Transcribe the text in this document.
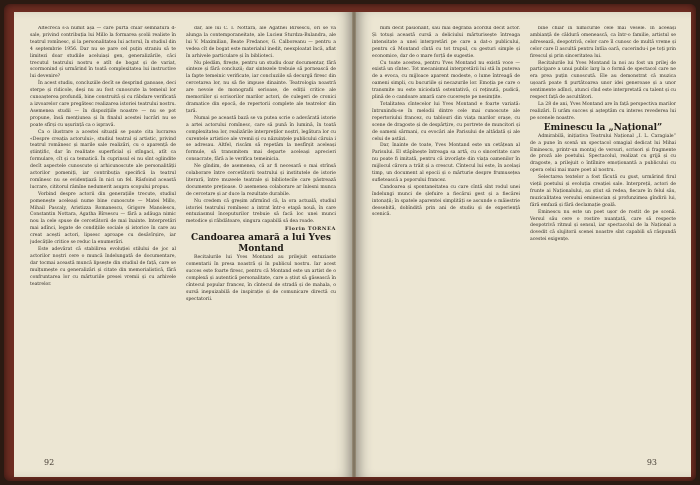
Altecreca s-a numit așa — care purtă chiar semnătura d-sale, privind contribuția lui Millo la formarea școlii realiste în teatrul romînesc, și la personalitatea lui actorul, în studiul din 4 septembrie 1956. Dar nu se pare cel puțin straniu să te limitezi doar studiile aceluiași gen, generalizările, căci trecutul teatrului nostru e atît de bogat și de variat, scormonind și urmărind în toată complexitatea lui instructive lui devenire?

În acest studiu, concluziile decît se desprind ganoase, deci sterpe și ridicole, deși nu au fost cunoscute la temeiul lor cunoașterea profundă, bine construită și cu răbdare verificată a izvoarelor care pregătesc realizarea istoriei teatrului nostru. Asemenea studii — în dispozițiile noastre — nu se pot propune, însă mențiunea și în finalul acestei lucrări nu se poate sfîrși cu ușurință ca o ispravă.

Ca o ilustrare a acestei situații se poate cita lucrarea «Despre creația actorului», studiul teatral și artistic, privind teatrul românesc și marile sale realizări, cu o aparență de științific, dar în realitate superficial și stîngaci, atît ca formulare, cît și ca tematică. În cuprinsul ei nu sînt oglindite decît aspectele cunoscute și arhicunoscute ale personalității actorilor pomeniți, iar contribuția specifică la teatrul romînesc nu se evidențiază în nici un fel. Răsfoind această lucrare, cititorul rămîne nedumerit asupra scopului propus.

Vorbind despre actorii din generațiile trecute, studiul pomenește aceleași nume bine cunoscute — Matei Millo, Mihail Pascaly, Aristizza Romanescu, Grigore Manolescu, Constantin Nottara, Agatha Bîrsescu — fără a adăuga nimic nou la cele spuse de cercetătorii de mai înainte. Interpretări mai adînci, legate de condițiile sociale și istorice în care au creat acești actori, lipsesc aproape cu desăvîrșire, iar judecățile critice se reduc la enumerări.

Este adevărat că stabilirea evoluției stilului de joc al actorilor noștri cere o muncă îndelungată de documentare, dar tocmai această muncă lipsește din studiul de față, care se mulțumește cu generalizări și citate din memorialistică, fără confruntarea lor cu mărturiile presei vremii și cu arhivele teatrelor.

dar, ale lui C. I. Nottara, ale Agathei Bîrsescu, ori se va alunga la contemporaneitate, ale Lucieи Sturdza-Bulandra, ale lui V. Maximilian, Beate Fredanov, G. Calboreanu — pentru a vedea cît de bogat este materialul inedit, neexploatat încă, aflat în arhivele particulare și în biblioteci.

Nu pledăm, firește, pentru un studiu doar documentar, fără sinteze și fără concluzii; dar sintezele trebuie să pornească de la fapte temeinic verificate, iar concluziile să decurgă firesc din cercetarea lor, nu să fie impuse dinainte. Teatrologia noastră are nevoie de monografii serioase, de ediții critice ale memoriilor și scrisorilor marilor actori, de culegeri de cronici dramatice din epocă, de repertorii complete ale teatrelor din țară.

Numai pe această bază se va putea scrie o adevărată istorie a artei actorului romînesc, care să pună în lumină, în toată complexitatea lor, realizările interpreților noștri, legătura lor cu curentele artistice ale vremii și cu năzuințele publicului căruia i se adresau. Altfel, riscăm să repetăm la nesfîrșit aceleași formule, să transmitem mai departe aceleași aprecieri consacrate, fără a le verifica temeinicia.

Ne gîndim, de asemenea, că ar fi necesară o mai strînsă colaborare între cercetătorii teatrului și institutele de istorie literară, între muzeele teatrale și bibliotecile care păstrează documente prețioase. O asemenea colaborare ar înlesni munca de cercetare și ar duce la rezultate durabile.

Nu credem că greșim afirmînd că, la ora actuală, studiul istoriei teatrului romînesc a intrat într-o etapă nouă, în care entuziasmul începuturilor trebuie să facă loc unei munci metodice și răbdătoare, singura capabilă să dea roade.

Florin TORNEA

Candoarea amară a lui Yves Montand

Recitalurile lui Yves Montand au prilejuit entuziaste comentarii în presa noastră și în publicul nostru. Iar acest succes este foarte firesc, pentru că Montand este un artist de o complexă și autentică personalitate, care a știut să găsească în cîntecul popular francez, în cîntecul de stradă și de mahala, o sursă inepuizabilă de inspirație și de comunicare directă cu spectatorii.

92

mim decît pasionant, sau mai degrabă acordul decît actor. Și totuși această cursă a deliciului mărturisește întreaga intensitate a unei interpretări pe care a dat-o publicului, pentru că Montand cîntă cu tot trupul, cu gesturi simple și economice, dar de o mare forță de sugestie.

Cu toate acestea, pentru Yves Montand nu există voce — există un cîntec. Tot mecanismul interpretării lui stă în puterea de a evoca, cu mijloace aparent modeste, o lume întreagă de oameni simpli, cu bucuriile și necazurile lor. Emoția pe care o transmite nu este niciodată ostentativă, ci reținută, pudică, plină de o candoare amară care cucerește pe nesimțite.

Totalitatea cîntecelor lui Yves Montand e foarte variată: întrunindu-se în melodii dintre cele mai cunoscute ale repertoriului francez, cu tablouri din viața marilor orașe, cu scene de dragoste și de despărțire, cu portrete de muncitori și de oameni sărmani, cu evocări ale Parisului de altădată și ale celui de astăzi.

Dar, înainte de toate, Yves Montand este un cetățean al Parisului. El stăpînește întreaga sa artă, cu o sinceritate care nu poate fi imitată, pentru că izvorăște din viața oamenilor în mijlocul cărora a trăit și a crescut. Cîntecul lui este, în același timp, un document al epocii și o mărturie despre frumusețea sufletească a poporului francez.

Candoarea și spontaneitatea cu care cîntă sînt rodul unei îndelungi munci de șlefuire a fiecărui gest și a fiecărei intonații; în spatele aparentei simplități se ascunde o măiestrie deosebită, dobîndită prin ani de studiu și de experiență scenică.

bine chiar în nimicurile cele mai vesele. În aceeași ambianță de căldură omenească, ca într-o familie, artistul se adresează, deopotrivă, celor care îl cunosc de multă vreme și celor care îl ascultă pentru întîia oară, cucerindu-i pe toți prin firescul și prin sinceritatea lui.

Recitalurile lui Yves Montand la noi au fost un prilej de participare a unui public larg la o formă de spectacol care ne era prea puțin cunoscută. Ele au demonstrat că muzica ușoară poate fi purtătoarea unor idei generoase și a unor sentimente adînci, atunci cînd este interpretată cu talent și cu respect față de ascultători.

La 28 de ani, Yves Montand are în față perspectiva marilor realizări. Îi urăm succes și așteptăm cu interes revederea lui pe scenele noastre.

Eminescu la „Național”

Admirabilă, inițiativa Teatrului Național „I. L. Caragiale” de a pune în scenă un spectacol omagial dedicat lui Mihai Eminescu, printr-un montaj de versuri, scrisori și fragmente de proză ale poetului. Spectacolul, realizat cu grijă și cu dragoste, a prilejuit o întîlnire emoționantă a publicului cu opera celui mai mare poet al nostru.

Selectarea textelor a fost făcută cu gust, urmărind firul vieții poetului și evoluția creației sale. Interpreții, actori de frunte ai Naționalului, au știut să redea, fiecare în felul său, muzicalitatea versului eminescian și profunzimea gîndirii lui, fără emfază și fără declamație goală.

Eminescu nu este un poet ușor de rostit de pe scenă. Versul său cere o rostire nuanțată, care să respecte deopotrivă ritmul și sensul, iar spectacolul de la Național a dovedit că slujitorii scenei noastre sînt capabili să răspundă acestei exigențe.

93
